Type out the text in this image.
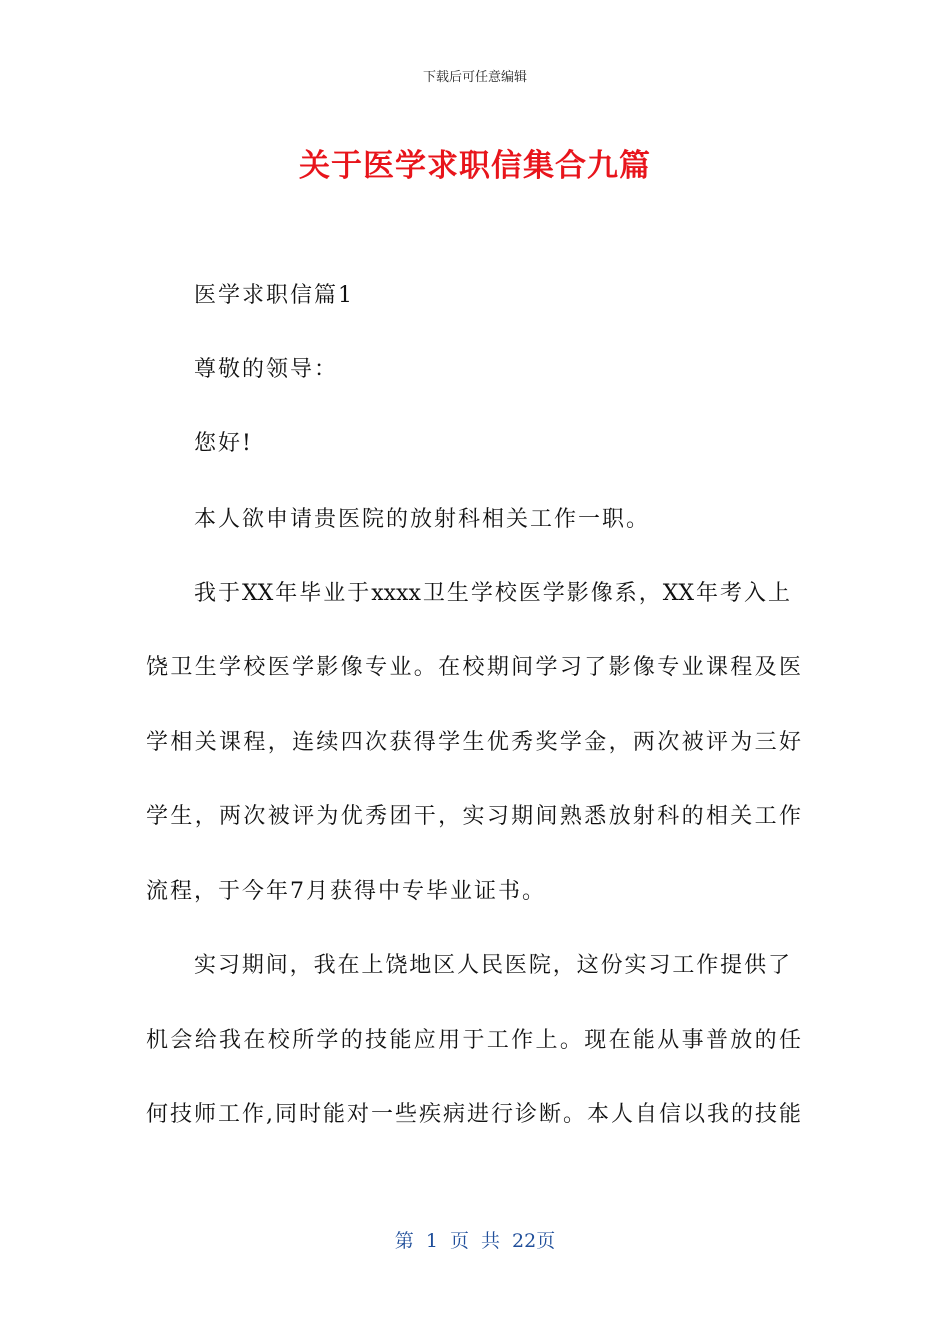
下载后可任意编辑
关于医学求职信集合九篇
医学求职信篇1
尊敬的领导：
您好!
本人欲申请贵医院的放射科相关工作一职。
我于XX年毕业于xxxx卫生学校医学影像系，XX年考入上
饶卫生学校医学影像专业。在校期间学习了影像专业课程及医
学相关课程，连续四次获得学生优秀奖学金，两次被评为三好
学生，两次被评为优秀团干，实习期间熟悉放射科的相关工作
流程，于今年7月获得中专毕业证书。
实习期间，我在上饶地区人民医院，这份实习工作提供了
机会给我在校所学的技能应用于工作上。现在能从事普放的任
何技师工作,同时能对一些疾病进行诊断。本人自信以我的技能
第 1 页 共 22页
